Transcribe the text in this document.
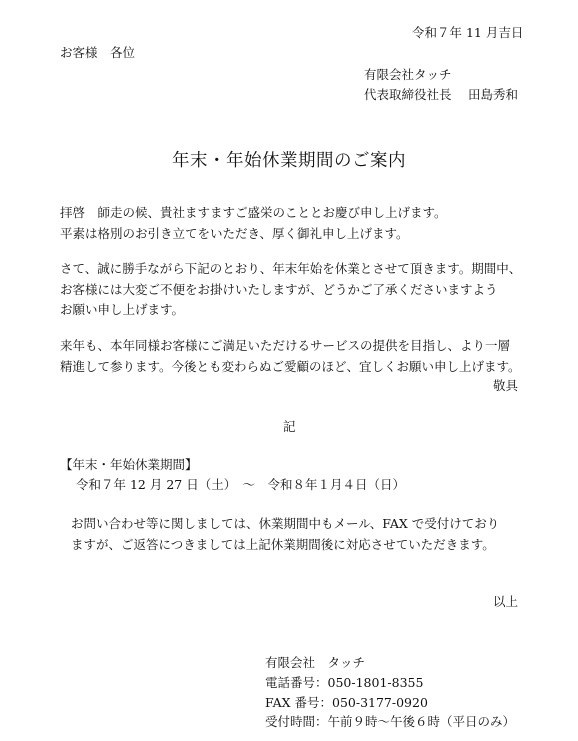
令和７年 11 月吉日
お客様　各位
有限会社タッチ
代表取締役社長　 田島秀和
年末・年始休業期間のご案内
拝啓　師走の候、貴社ますますご盛栄のこととお慶び申し上げます。
平素は格別のお引き立てをいただき、厚く御礼申し上げます。
さて、誠に勝手ながら下記のとおり、年末年始を休業とさせて頂きます。期間中、
お客様には大変ご不便をお掛けいたしますが、どうかご了承くださいますよう
お願い申し上げます。
来年も、本年同様お客様にご満足いただけるサービスの提供を目指し、より一層
精進して参ります。今後とも変わらぬご愛顧のほど、宜しくお願い申し上げます。
敬具
記
【年末・年始休業期間】
令和７年 12 月 27 日（土）　～　令和８年１月４日（日）
お問い合わせ等に関しましては、休業期間中もメール、FAX で受付けており
ますが、ご返答につきましては上記休業期間後に対応させていただきます。
以上
有限会社　タッチ
電話番号：050-1801-8355
FAX 番号：050-3177-0920
受付時間：午前９時～午後６時（平日のみ）
